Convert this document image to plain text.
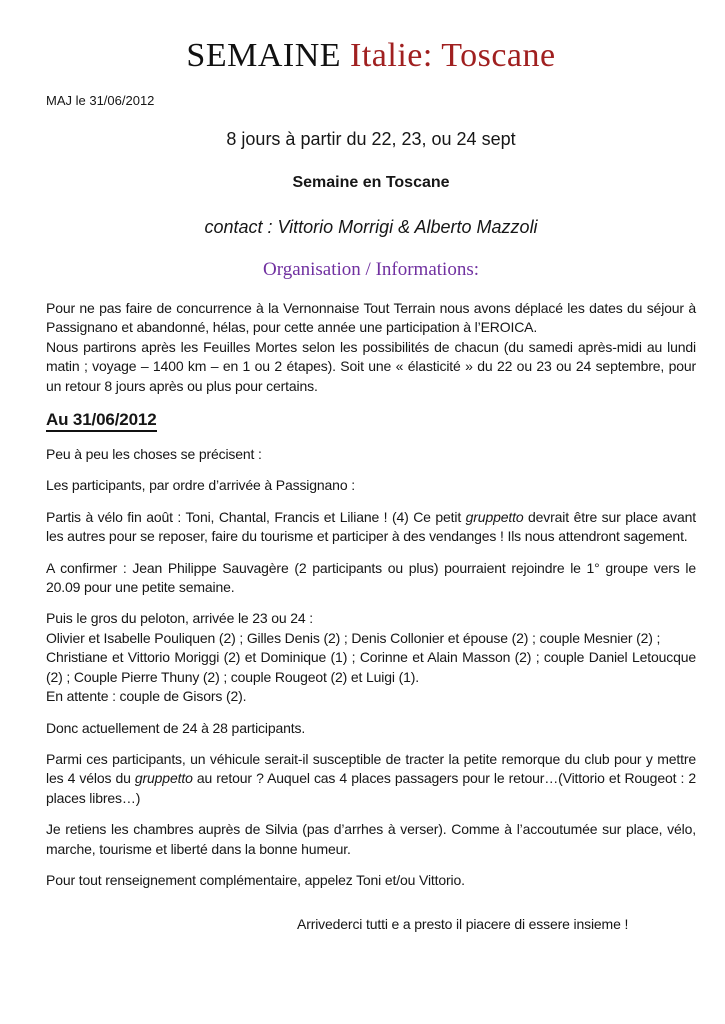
SEMAINE Italie: Toscane
MAJ le 31/06/2012
8 jours à partir du 22, 23, ou 24 sept
Semaine en Toscane
contact : Vittorio Morrigi & Alberto Mazzoli
Organisation / Informations:

Pour ne pas faire de concurrence à la Vernonnaise Tout Terrain nous avons déplacé les dates du séjour à Passignano et abandonné, hélas, pour cette année une participation à l’EROICA.
Nous partirons après les Feuilles Mortes selon les possibilités de chacun (du samedi après-midi au lundi matin ; voyage – 1400 km – en 1 ou 2 étapes). Soit une « élasticité » du 22 ou 23 ou 24 septembre, pour un retour 8 jours après ou plus pour certains.

Au 31/06/2012

Peu à peu les choses se précisent :

Les participants, par ordre d’arrivée à Passignano :

Partis à vélo fin août : Toni, Chantal, Francis et Liliane ! (4) Ce petit gruppetto devrait être sur place avant les autres pour se reposer, faire du tourisme et participer à des vendanges ! Ils nous attendront sagement.

A confirmer : Jean Philippe Sauvagère (2 participants ou plus) pourraient rejoindre le 1° groupe vers le 20.09 pour une petite semaine.

Puis le gros du peloton, arrivée le 23 ou 24 :
Olivier et Isabelle Pouliquen (2) ; Gilles Denis (2) ; Denis Collonier et épouse (2) ; couple Mesnier (2) ;
Christiane et Vittorio Moriggi (2) et Dominique (1) ; Corinne et Alain Masson (2) ; couple Daniel Letoucque (2) ; Couple Pierre Thuny (2) ; couple Rougeot (2) et Luigi (1).
En attente : couple de Gisors (2).

Donc actuellement de 24 à 28 participants.

Parmi ces participants, un véhicule serait-il susceptible de tracter la petite remorque du club pour y mettre les 4 vélos du gruppetto au retour ? Auquel cas 4 places passagers pour le retour…(Vittorio et Rougeot : 2 places libres…)

Je retiens les chambres auprès de Silvia (pas d’arrhes à verser). Comme à l’accoutumée sur place, vélo, marche, tourisme et liberté dans la bonne humeur.

Pour tout renseignement complémentaire, appelez Toni et/ou Vittorio.

Arrivederci tutti e a presto il piacere di essere insieme !
